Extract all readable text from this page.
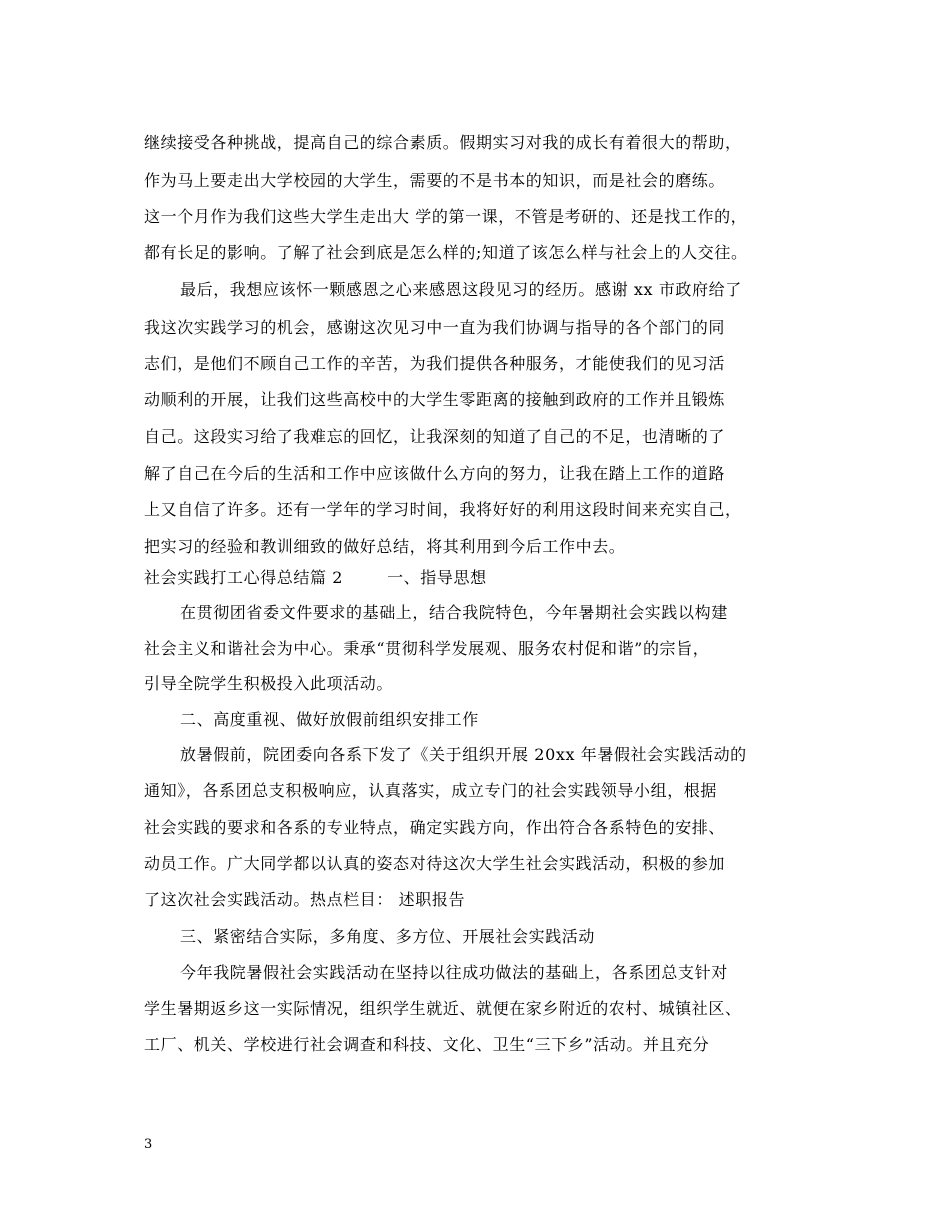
继续接受各种挑战，提高自己的综合素质。假期实习对我的成长有着很大的帮助，
作为马上要走出大学校园的大学生，需要的不是书本的知识，而是社会的磨练。
这一个月作为我们这些大学生走出大 学的第一课，不管是考研的、还是找工作的，
都有长足的影响。了解了社会到底是怎么样的;知道了该怎么样与社会上的人交往。
最后，我想应该怀一颗感恩之心来感恩这段见习的经历。感谢 xx 市政府给了
我这次实践学习的机会，感谢这次见习中一直为我们协调与指导的各个部门的同
志们，是他们不顾自己工作的辛苦，为我们提供各种服务，才能使我们的见习活
动顺利的开展，让我们这些高校中的大学生零距离的接触到政府的工作并且锻炼
自己。这段实习给了我难忘的回忆，让我深刻的知道了自己的不足，也清晰的了
解了自己在今后的生活和工作中应该做什么方向的努力，让我在踏上工作的道路
上又自信了许多。还有一学年的学习时间，我将好好的利用这段时间来充实自己，
把实习的经验和教训细致的做好总结，将其利用到今后工作中去。
社会实践打工心得总结篇 2	一、指导思想
在贯彻团省委文件要求的基础上，结合我院特色，今年暑期社会实践以构建
社会主义和谐社会为中心。秉承“贯彻科学发展观、服务农村促和谐”的宗旨，
引导全院学生积极投入此项活动。
二、高度重视、做好放假前组织安排工作
放暑假前，院团委向各系下发了《关于组织开展 20xx 年暑假社会实践活动的
通知》，各系团总支积极响应，认真落实，成立专门的社会实践领导小组，根据
社会实践的要求和各系的专业特点，确定实践方向，作出符合各系特色的安排、
动员工作。广大同学都以认真的姿态对待这次大学生社会实践活动，积极的参加
了这次社会实践活动。热点栏目： 述职报告
三、紧密结合实际，多角度、多方位、开展社会实践活动
今年我院暑假社会实践活动在坚持以往成功做法的基础上，各系团总支针对
学生暑期返乡这一实际情况，组织学生就近、就便在家乡附近的农村、城镇社区、
工厂、机关、学校进行社会调查和科技、文化、卫生“三下乡”活动。并且充分
3
